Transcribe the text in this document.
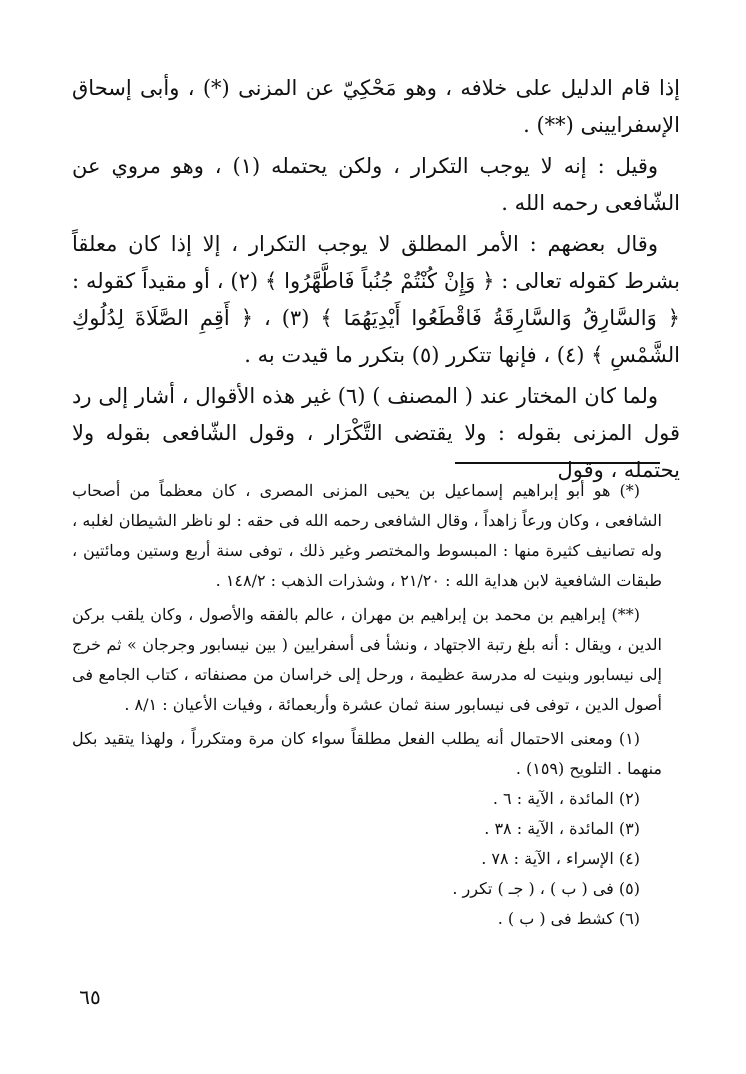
إذا قام الدليل على خلافه ، وهو مَحْكِيّ عن المزنى (*) ، وأبى إسحاق الإسفرايينى (**) .

وقيل : إنه لا يوجب التكرار ، ولكن يحتمله (١) ، وهو مروي عن الشّافعى رحمه الله .

وقال بعضهم : الأمر المطلق لا يوجب التكرار ، إلا إذا كان معلقاً بشرط كقوله تعالى : ﴿ وَإِنْ كُنْتُمْ جُنُباً فَاطَّهَّرُوا ﴾ (٢) ، أو مقيداً كقوله : ﴿ وَالسَّارِقُ وَالسَّارِقَةُ فَاقْطَعُوا أَيْدِيَهُمَا ﴾ (٣) ، ﴿ أَقِمِ الصَّلَاةَ لِدُلُوكِ الشَّمْسِ ﴾ (٤) ، فإنها تتكرر (٥) بتكرر ما قيدت به .

ولما كان المختار عند ( المصنف ) (٦) غير هذه الأقوال ، أشار إلى رد قول المزنى بقوله : ولا يقتضى التَّكْرَار ، وقول الشّافعى بقوله ولا يحتمله ، وقول

(*) هو أبو إبراهيم إسماعيل بن يحيى المزنى المصرى ، كان معظماً من أصحاب الشافعى ، وكان ورعاً زاهداً ، وقال الشافعى رحمه الله فى حقه : لو ناظر الشيطان لغلبه ، وله تصانيف كثيرة منها : المبسوط والمختصر وغير ذلك ، توفى سنة أربع وستين ومائتين ، طبقات الشافعية لابن هداية الله : ٢١/٢٠ ، وشذرات الذهب : ١٤٨/٢ .

(**) إبراهيم بن محمد بن إبراهيم بن مهران ، عالم بالفقه والأصول ، وكان يلقب بركن الدين ، ويقال : أنه بلغ رتبة الاجتهاد ، ونشأ فى أسفرايين ( بين نيسابور وجرجان » ثم خرج إلى نيسابور وبنيت له مدرسة عظيمة ، ورحل إلى خراسان من مصنفاته ، كتاب الجامع فى أصول الدين ، توفى فى نيسابور سنة ثمان عشرة وأربعمائة ، وفيات الأعيان : ٨/١ .

(١) ومعنى الاحتمال أنه يطلب الفعل مطلقاً سواء كان مرة ومتكرراً ، ولهذا يتقيد بكل منهما . التلويح (١٥٩) .

(٢) المائدة ، الآية : ٦ .

(٣) المائدة ، الآية : ٣٨ .

(٤) الإسراء ، الآية : ٧٨ .

(٥) فى ( ب ) ، ( جـ ) تكرر .

(٦) كشط فى ( ب ) .

٦٥
